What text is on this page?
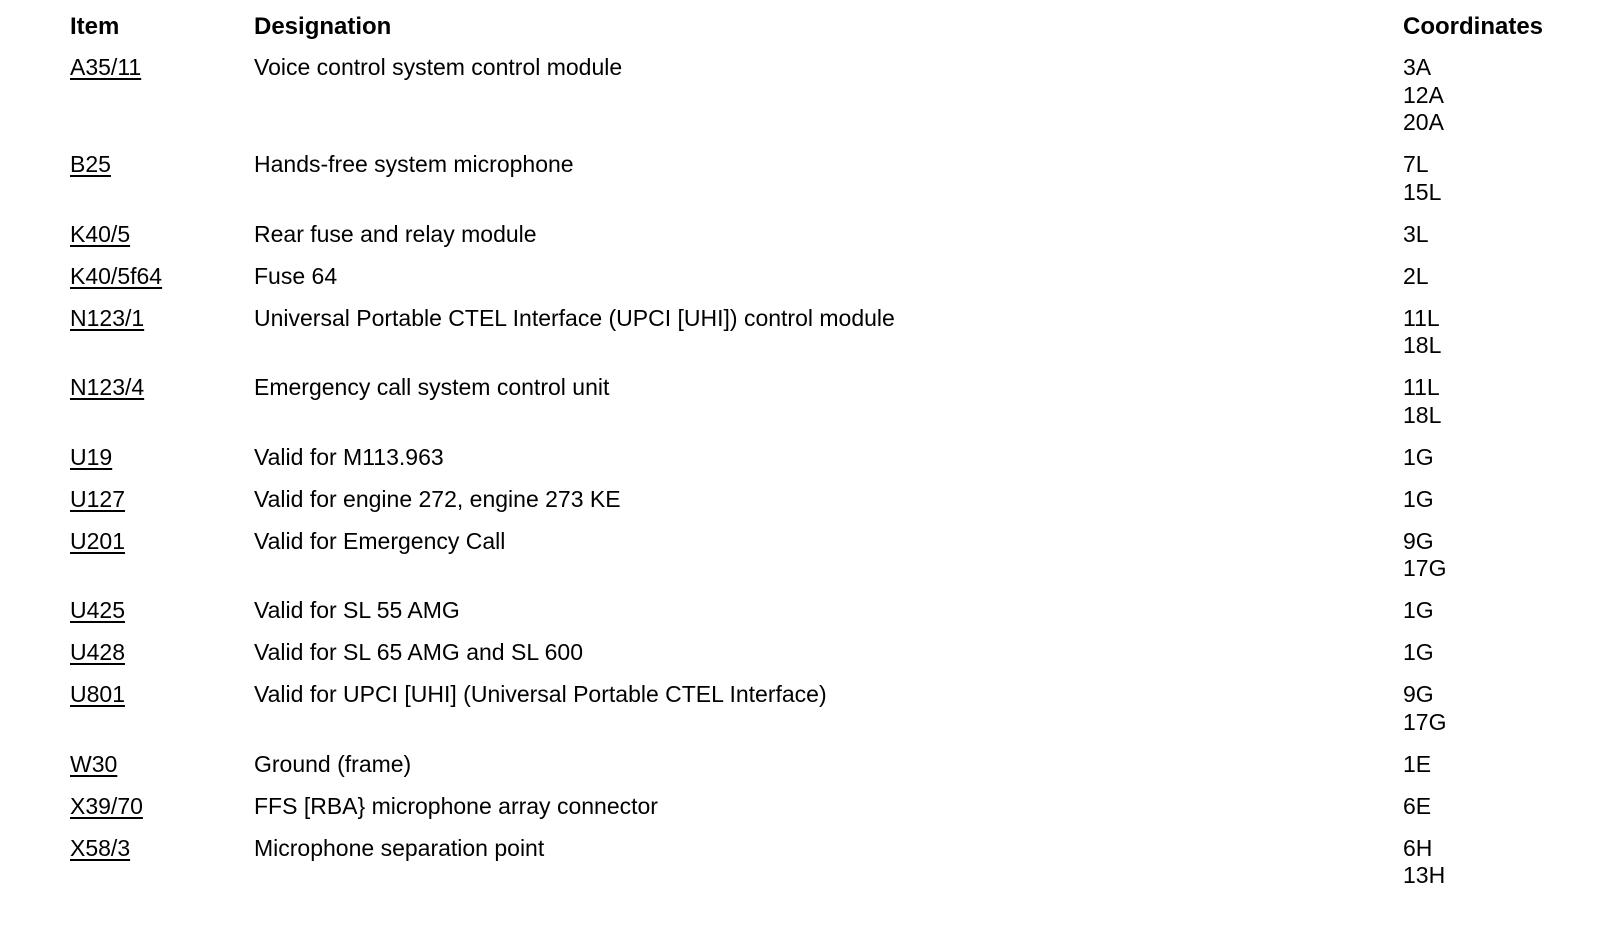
Item	Designation	Coordinates
A35/11	Voice control system control module	3A
12A
20A
B25	Hands-free system microphone	7L
15L
K40/5	Rear fuse and relay module	3L
K40/5f64	Fuse 64	2L
N123/1	Universal Portable CTEL Interface (UPCI [UHI]) control module	11L
18L
N123/4	Emergency call system control unit	11L
18L
U19	Valid for M113.963	1G
U127	Valid for engine 272, engine 273 KE	1G
U201	Valid for Emergency Call	9G
17G
U425	Valid for SL 55 AMG	1G
U428	Valid for SL 65 AMG and SL 600	1G
U801	Valid for UPCI [UHI] (Universal Portable CTEL Interface)	9G
17G
W30	Ground (frame)	1E
X39/70	FFS [RBA} microphone array connector	6E
X58/3	Microphone separation point	6H
13H
